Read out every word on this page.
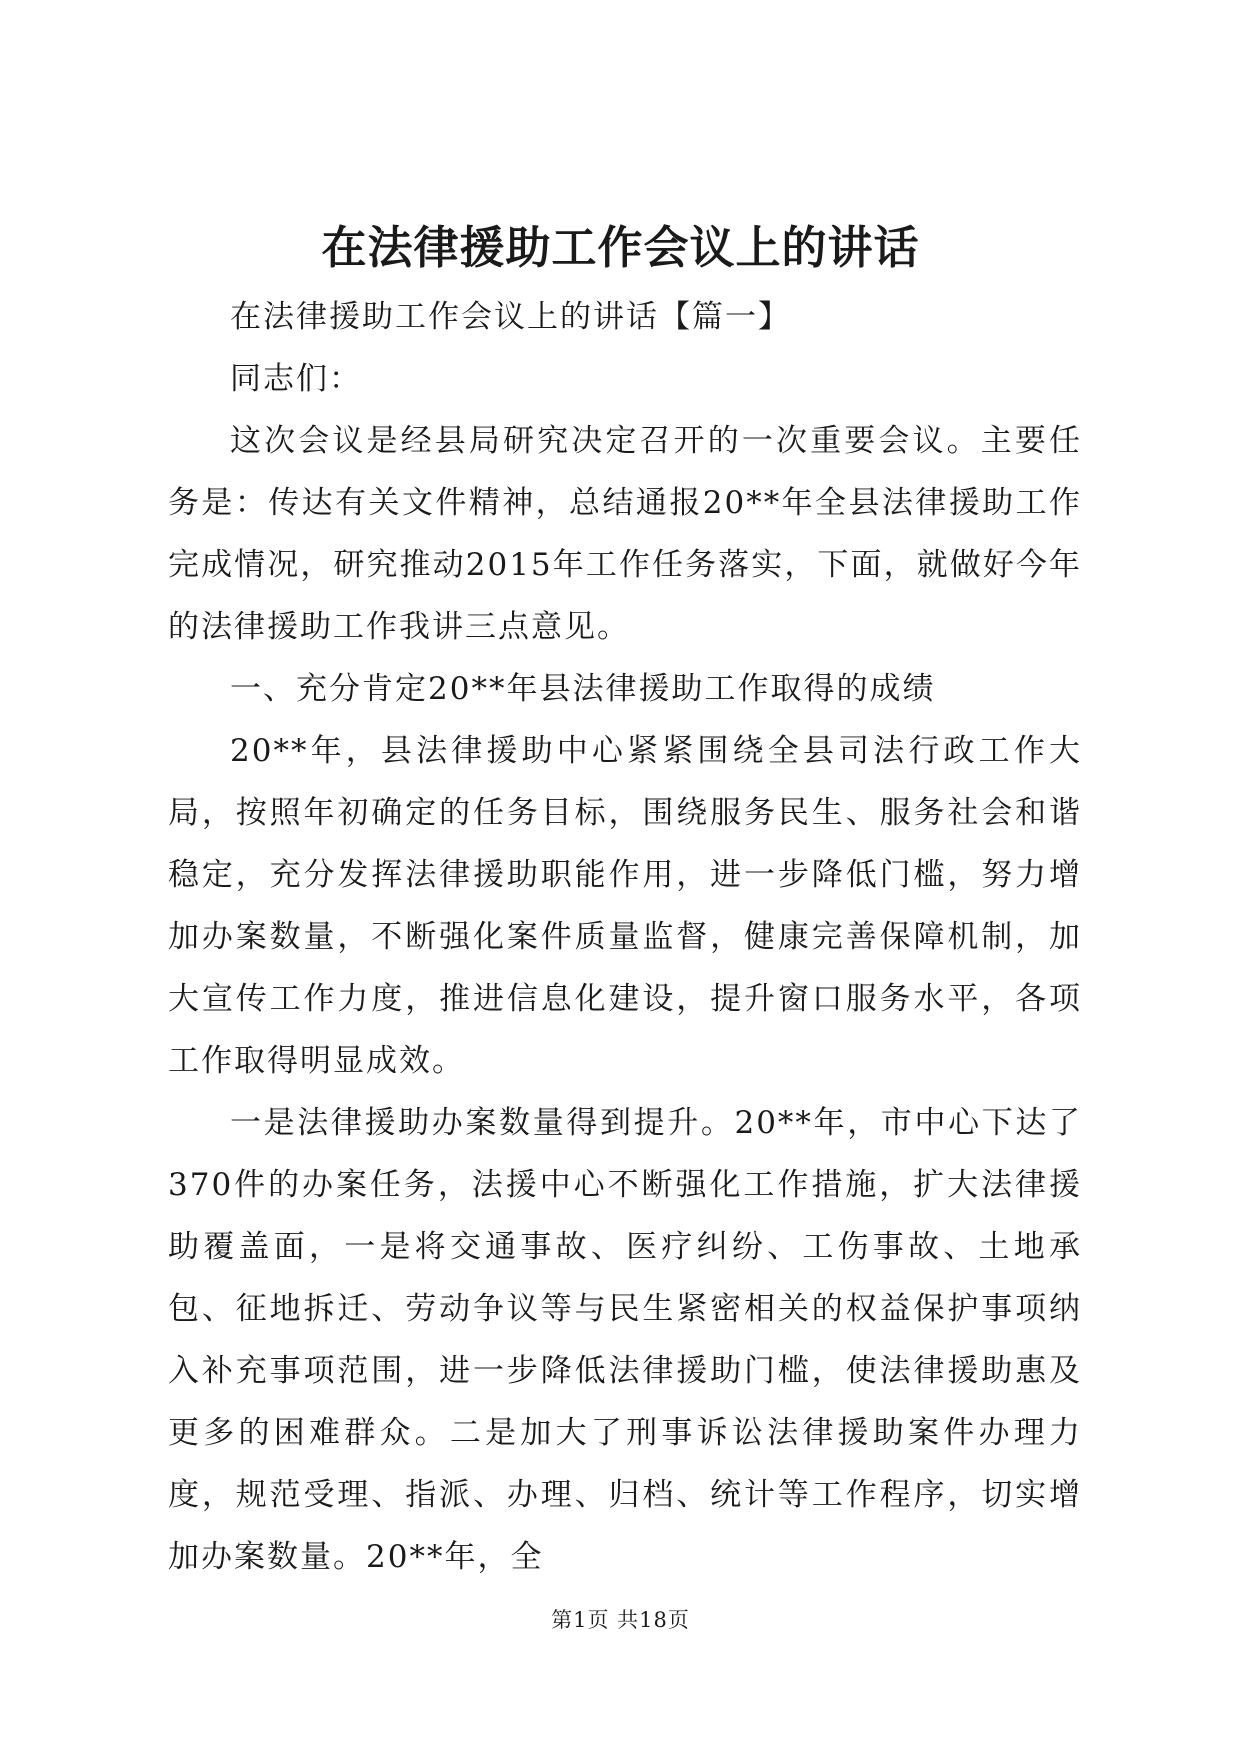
在法律援助工作会议上的讲话

在法律援助工作会议上的讲话【篇一】

同志们：

这次会议是经县局研究决定召开的一次重要会议。主要任务是：传达有关文件精神，总结通报20**年全县法律援助工作完成情况，研究推动2015年工作任务落实，下面，就做好今年的法律援助工作我讲三点意见。

一、充分肯定20**年县法律援助工作取得的成绩

20**年，县法律援助中心紧紧围绕全县司法行政工作大局，按照年初确定的任务目标，围绕服务民生、服务社会和谐稳定，充分发挥法律援助职能作用，进一步降低门槛，努力增加办案数量，不断强化案件质量监督，健康完善保障机制，加大宣传工作力度，推进信息化建设，提升窗口服务水平，各项工作取得明显成效。

一是法律援助办案数量得到提升。20**年，市中心下达了370件的办案任务，法援中心不断强化工作措施，扩大法律援助覆盖面，一是将交通事故、医疗纠纷、工伤事故、土地承包、征地拆迁、劳动争议等与民生紧密相关的权益保护事项纳入补充事项范围，进一步降低法律援助门槛，使法律援助惠及更多的困难群众。二是加大了刑事诉讼法律援助案件办理力度，规范受理、指派、办理、归档、统计等工作程序，切实增加办案数量。20**年，全

第1页 共18页
